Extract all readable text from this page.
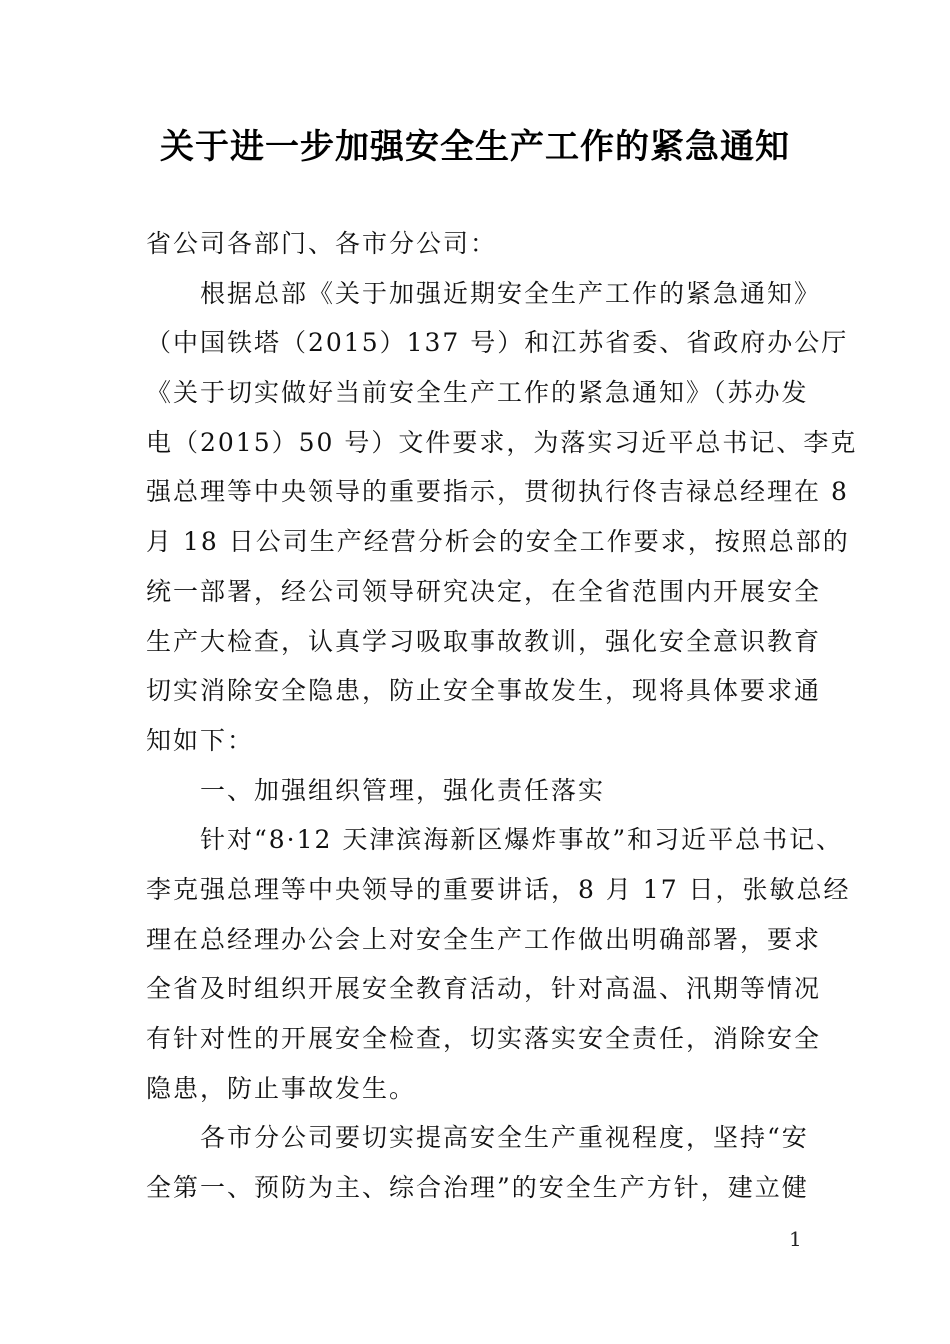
关于进一步加强安全生产工作的紧急通知
省公司各部门、各市分公司：
根据总部《关于加强近期安全生产工作的紧急通知》
（中国铁塔（2015）137 号）和江苏省委、省政府办公厅
《关于切实做好当前安全生产工作的紧急通知》（苏办发
电（2015）50 号）文件要求，为落实习近平总书记、李克
强总理等中央领导的重要指示，贯彻执行佟吉禄总经理在 8
月 18 日公司生产经营分析会的安全工作要求，按照总部的
统一部署，经公司领导研究决定，在全省范围内开展安全
生产大检查，认真学习吸取事故教训，强化安全意识教育
切实消除安全隐患，防止安全事故发生，现将具体要求通
知如下：
一、加强组织管理，强化责任落实
针对“8·12 天津滨海新区爆炸事故”和习近平总书记、
李克强总理等中央领导的重要讲话，8 月 17 日，张敏总经
理在总经理办公会上对安全生产工作做出明确部署，要求
全省及时组织开展安全教育活动，针对高温、汛期等情况
有针对性的开展安全检查，切实落实安全责任，消除安全
隐患，防止事故发生。
各市分公司要切实提高安全生产重视程度，坚持“安
全第一、预防为主、综合治理”的安全生产方针，建立健
1
